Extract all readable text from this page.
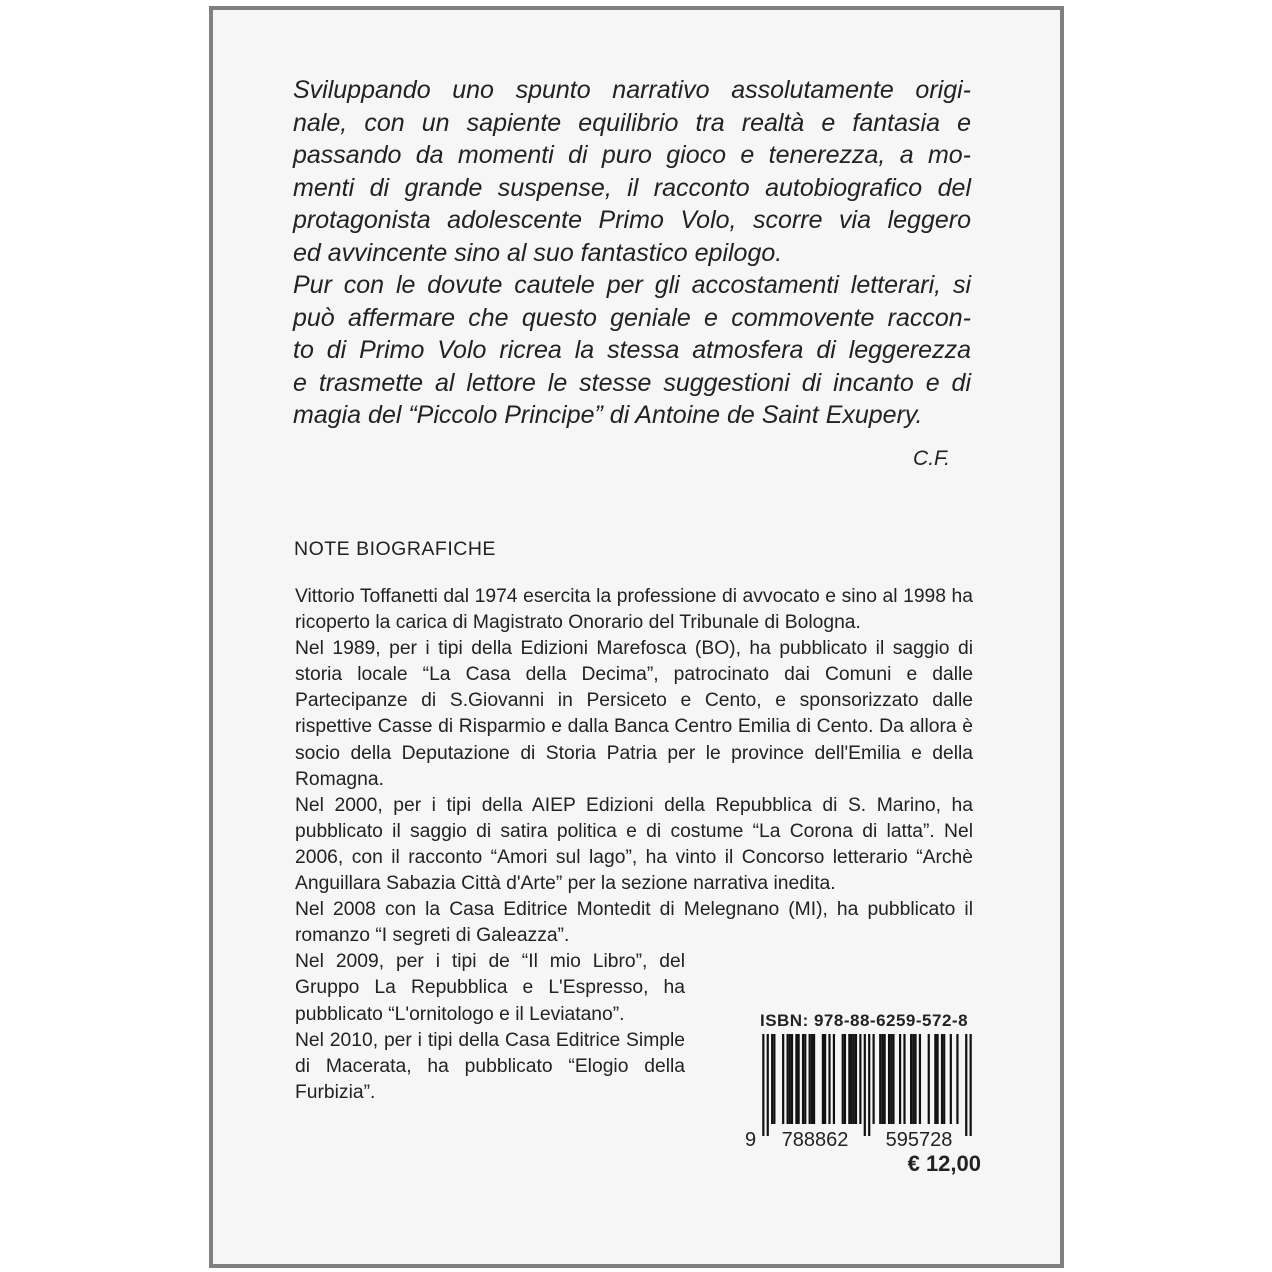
Sviluppando uno spunto narrativo assolutamente origi-

nale, con un sapiente equilibrio tra realtà e fantasia e

passando da momenti di puro gioco e tenerezza, a mo-

menti di grande suspense, il racconto autobiografico del

protagonista adolescente Primo Volo, scorre via leggero

ed avvincente sino al suo fantastico epilogo.

Pur con le dovute cautele per gli accostamenti letterari, si

può affermare che questo geniale e commovente raccon-

to di Primo Volo ricrea la stessa atmosfera di leggerezza

e trasmette al lettore le stesse suggestioni di incanto e di

magia del “Piccolo Principe” di Antoine de Saint Exupery.

C.F.
NOTE BIOGRAFICHE
Vittorio Toffanetti dal 1974 esercita la professione di avvocato e sino al 1998 ha ricoperto la carica di Magistrato Onorario del Tribunale di Bologna.
Nel 1989, per i tipi della Edizioni Marefosca (BO), ha pubblicato il saggio di storia locale “La Casa della Decima”, patrocinato dai Comuni e dalle Partecipanze di S.Giovanni in Persiceto e Cento, e sponsorizzato dalle rispettive Casse di Risparmio e dalla Banca Centro Emilia di Cento. Da allora è socio della Deputazione di Storia Patria per le province dell'Emilia e della Romagna.
Nel 2000, per i tipi della AIEP Edizioni della Repubblica di S. Marino, ha pubblicato il saggio di satira politica e di costume “La Corona di latta”. Nel 2006, con il racconto “Amori sul lago”, ha vinto il Concorso letterario “Archè Anguillara Sabazia Città d'Arte” per la sezione narrativa inedita.
Nel 2008 con la Casa Editrice Montedit di Melegnano (MI), ha pubblicato il romanzo “I segreti di Galeazza”.
Nel 2009, per i tipi de “Il mio Libro”, del Gruppo La Repubblica e L'Espresso, ha pubblicato “L'ornitologo e il Leviatano”.
Nel 2010, per i tipi della Casa Editrice Simple di Macerata, ha pubblicato “Elogio della Furbizia”.
ISBN: 978-88-6259-572-8
9 788862 595728
€ 12,00
